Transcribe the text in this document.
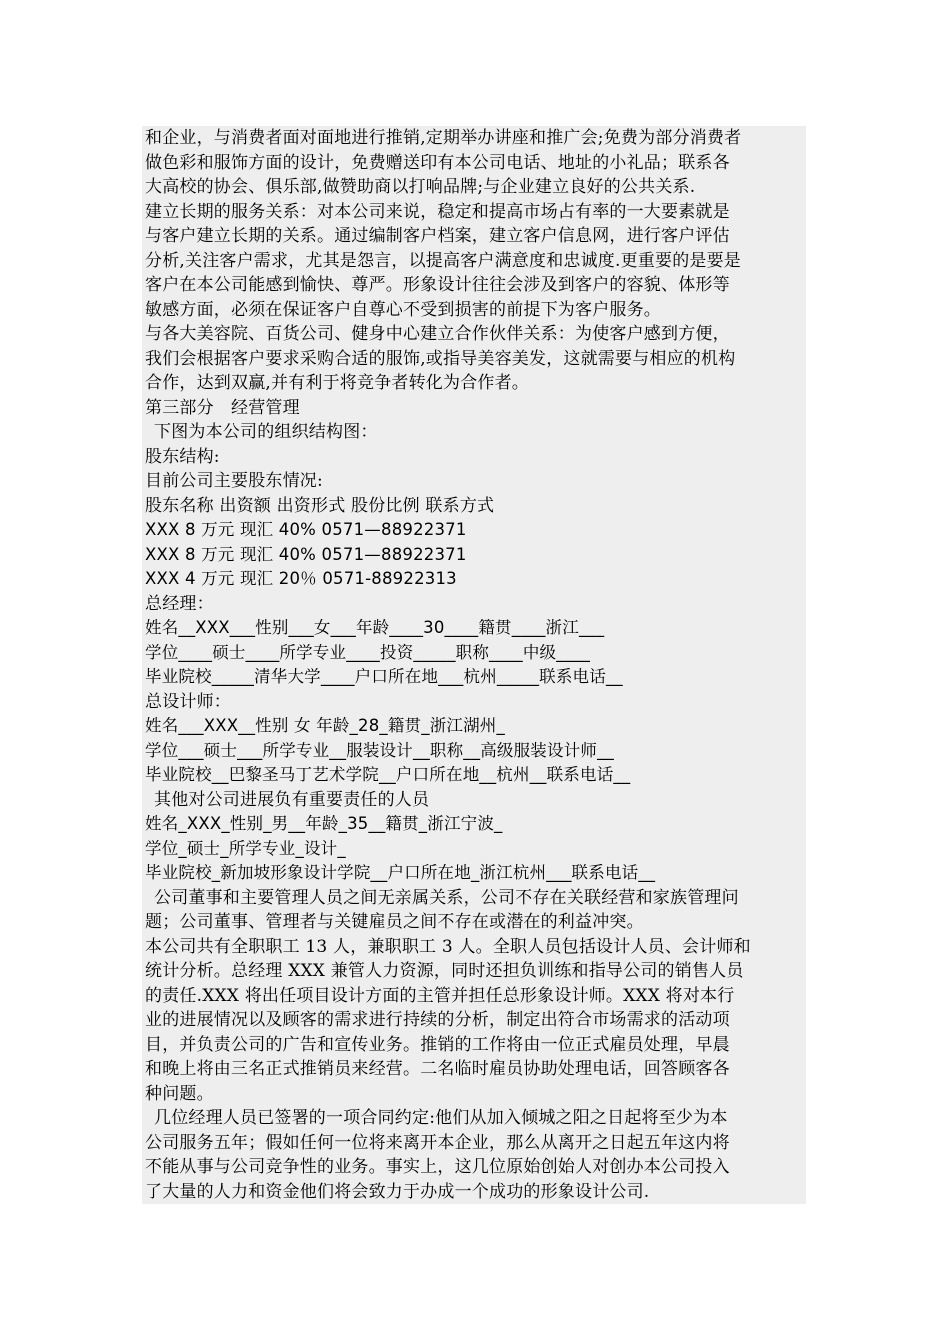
和企业，与消费者面对面地进行推销,定期举办讲座和推广会;免费为部分消费者
做色彩和服饰方面的设计，免费赠送印有本公司电话、地址的小礼品；联系各
大高校的协会、俱乐部,做赞助商以打响品牌;与企业建立良好的公共关系.
建立长期的服务关系：对本公司来说，稳定和提高市场占有率的一大要素就是
与客户建立长期的关系。通过编制客户档案，建立客户信息网，进行客户评估
分析,关注客户需求，尤其是怨言，以提高客户满意度和忠诚度.更重要的是要是
客户在本公司能感到愉快、尊严。形象设计往往会涉及到客户的容貌、体形等
敏感方面，必须在保证客户自尊心不受到损害的前提下为客户服务。
与各大美容院、百货公司、健身中心建立合作伙伴关系：为使客户感到方便，
我们会根据客户要求采购合适的服饰,或指导美容美发，这就需要与相应的机构
合作，达到双赢,并有利于将竞争者转化为合作者。
第三部分　经营管理
下图为本公司的组织结构图：
股东结构:
目前公司主要股东情况:
股东名称 出资额 出资形式 股份比例 联系方式
XXX 8 万元 现汇 40% 0571—88922371
XXX 8 万元 现汇 40% 0571—88922371
XXX 4 万元 现汇 20％ 0571-88922313
总经理：
姓名__XXX___性别___女___年龄____30____籍贯____浙江___
学位____硕士____所学专业____投资_____职称____中级____
毕业院校_____清华大学____户口所在地___杭州_____联系电话__
总设计师：
姓名___XXX__性别 女 年龄_28_籍贯_浙江湖州_
学位___硕士___所学专业__服装设计__职称__高级服装设计师__
毕业院校__巴黎圣马丁艺术学院__户口所在地__杭州__联系电话__
其他对公司进展负有重要责任的人员
姓名_XXX_性别_男__年龄_35__籍贯_浙江宁波_
学位_硕士_所学专业_设计_
毕业院校_新加坡形象设计学院__户口所在地_浙江杭州___联系电话__
公司董事和主要管理人员之间无亲属关系，公司不存在关联经营和家族管理问
题；公司董事、管理者与关键雇员之间不存在或潜在的利益冲突。
本公司共有全职职工 13 人，兼职职工 3 人。全职人员包括设计人员、会计师和
统计分析。总经理 XXX 兼管人力资源，同时还担负训练和指导公司的销售人员
的责任.XXX 将出任项目设计方面的主管并担任总形象设计师。XXX 将对本行
业的进展情况以及顾客的需求进行持续的分析，制定出符合市场需求的活动项
目，并负责公司的广告和宣传业务。推销的工作将由一位正式雇员处理，早晨
和晚上将由三名正式推销员来经营。二名临时雇员协助处理电话，回答顾客各
种问题。
几位经理人员已签署的一项合同约定:他们从加入倾城之阳之日起将至少为本
公司服务五年；假如任何一位将来离开本企业，那么从离开之日起五年这内将
不能从事与公司竞争性的业务。事实上，这几位原始创始人对创办本公司投入
了大量的人力和资金他们将会致力于办成一个成功的形象设计公司.
